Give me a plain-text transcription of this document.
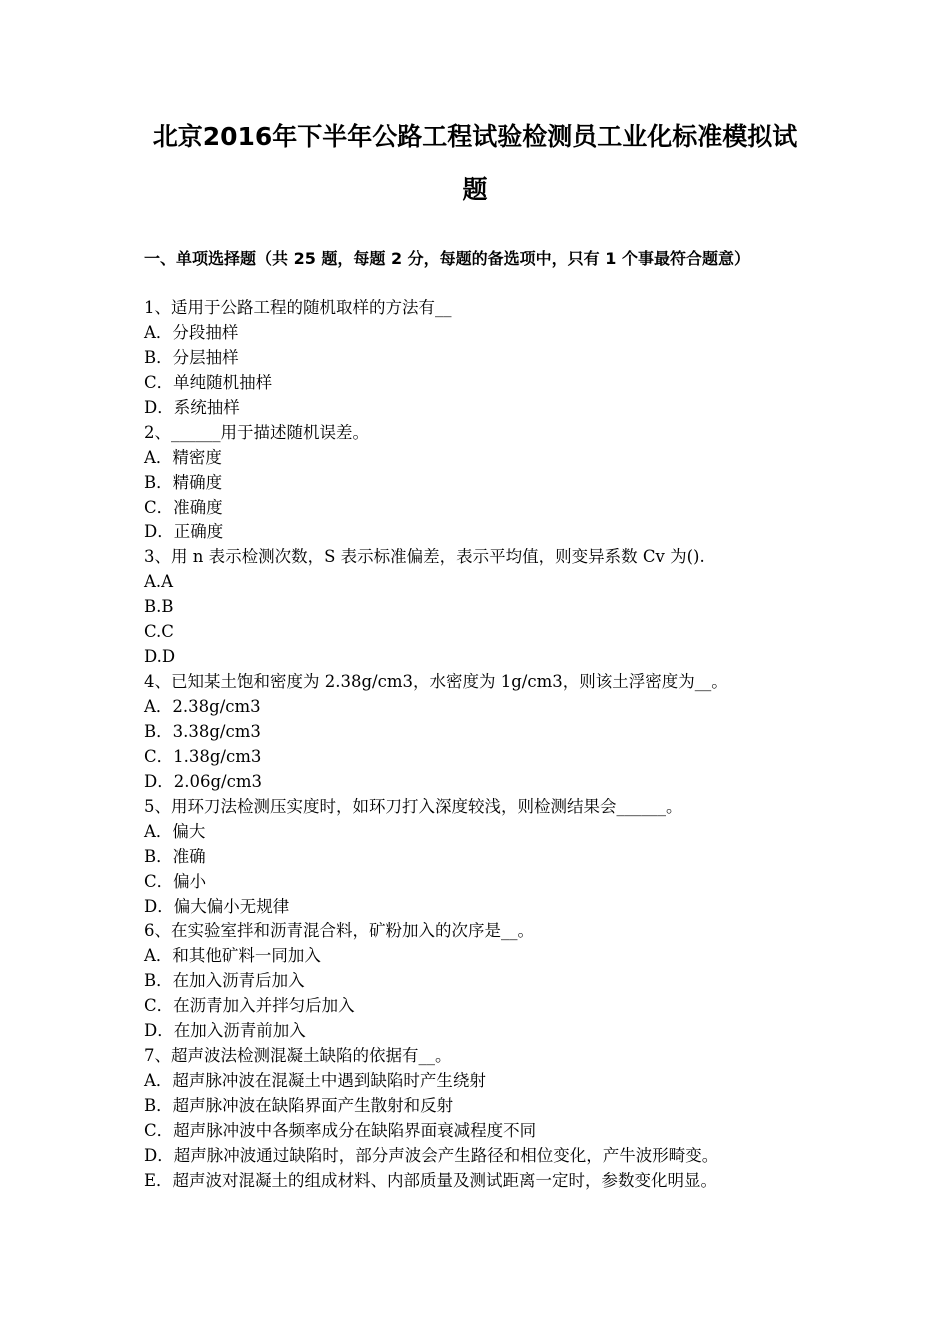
北京2016年下半年公路工程试验检测员工业化标准模拟试
题
一、单项选择题（共 25 题，每题 2 分，每题的备选项中，只有 1 个事最符合题意）
1、适用于公路工程的随机取样的方法有__
A．分段抽样
B．分层抽样
C．单纯随机抽样
D．系统抽样
2、______用于描述随机误差。
A．精密度
B．精确度
C．准确度
D．正确度
3、用 n 表示检测次数，S 表示标准偏差，表示平均值，则变异系数 Cv 为().
A.A
B.B
C.C
D.D
4、已知某土饱和密度为 2.38g/cm3，水密度为 1g/cm3，则该土浮密度为__。
A．2.38g/cm3
B．3.38g/cm3
C．1.38g/cm3
D．2.06g/cm3
5、用环刀法检测压实度时，如环刀打入深度较浅，则检测结果会______。
A．偏大
B．准确
C．偏小
D．偏大偏小无规律
6、在实验室拌和沥青混合料，矿粉加入的次序是__。
A．和其他矿料一同加入
B．在加入沥青后加入
C．在沥青加入并拌匀后加入
D．在加入沥青前加入
7、超声波法检测混凝土缺陷的依据有__。
A．超声脉冲波在混凝土中遇到缺陷时产生绕射
B．超声脉冲波在缺陷界面产生散射和反射
C．超声脉冲波中各频率成分在缺陷界面衰减程度不同
D．超声脉冲波通过缺陷时，部分声波会产生路径和相位变化，产牛波形畸变。
E．超声波对混凝土的组成材料、内部质量及测试距离一定时，参数变化明显。
